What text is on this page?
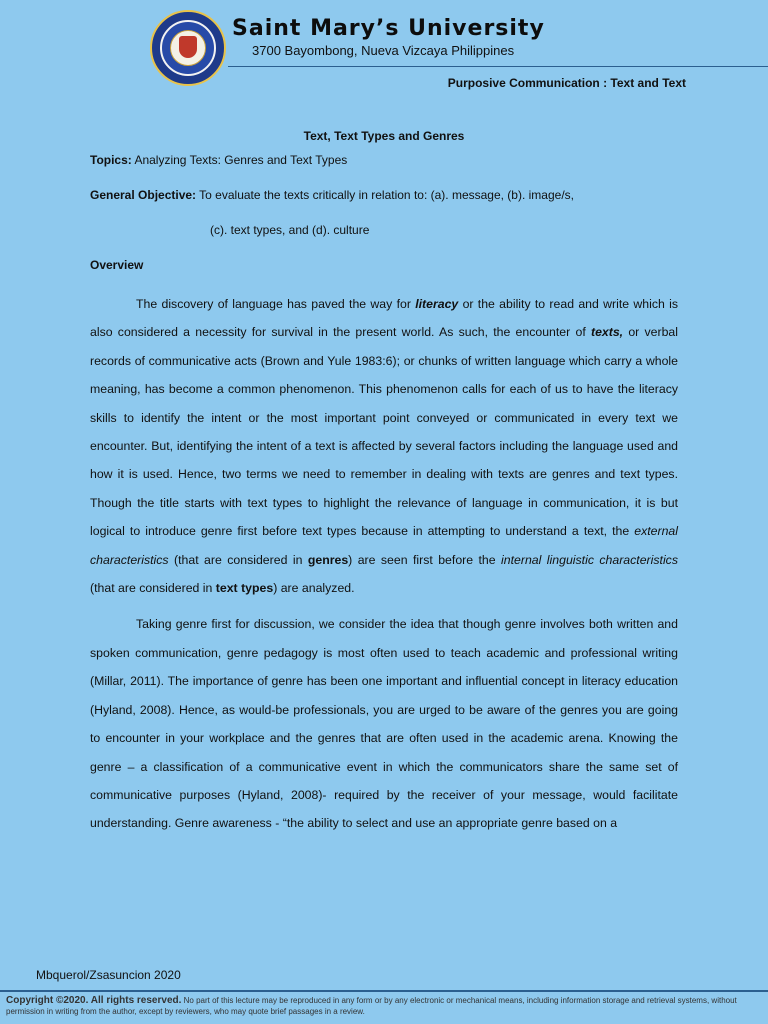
Saint Mary’s University
3700 Bayombong, Nueva Vizcaya Philippines
Purposive Communication : Text and Text
Text, Text Types and Genres
Topics: Analyzing Texts: Genres and Text Types
General Objective: To evaluate the texts critically in relation to: (a). message, (b). image/s,
(c). text types, and (d). culture
Overview

The discovery of language has paved the way for literacy or the ability to read and write which is also considered a necessity for survival in the present world. As such, the encounter of texts, or verbal records of communicative acts (Brown and Yule 1983:6); or chunks of written language which carry a whole meaning, has become a common phenomenon. This phenomenon calls for each of us to have the literacy skills to identify the intent or the most important point conveyed or communicated in every text we encounter. But, identifying the intent of a text is affected by several factors including the language used and how it is used. Hence, two terms we need to remember in dealing with texts are genres and text types. Though the title starts with text types to highlight the relevance of language in communication, it is but logical to introduce genre first before text types because in attempting to understand a text, the external characteristics (that are considered in genres) are seen first before the internal linguistic characteristics (that are considered in text types) are analyzed.

Taking genre first for discussion, we consider the idea that though genre involves both written and spoken communication, genre pedagogy is most often used to teach academic and professional writing (Millar, 2011). The importance of genre has been one important and influential concept in literacy education (Hyland, 2008). Hence, as would-be professionals, you are urged to be aware of the genres you are going to encounter in your workplace and the genres that are often used in the academic arena. Knowing the genre – a classification of a communicative event in which the communicators share the same set of communicative purposes (Hyland, 2008)- required by the receiver of your message, would facilitate understanding. Genre awareness - “the ability to select and use an appropriate genre based on a

Mbquerol/Zsasuncion 2020
Copyright ©2020. All rights reserved. No part of this lecture may be reproduced in any form or by any electronic or mechanical means, including information storage and retrieval systems, without permission in writing from the author, except by reviewers, who may quote brief passages in a review.
